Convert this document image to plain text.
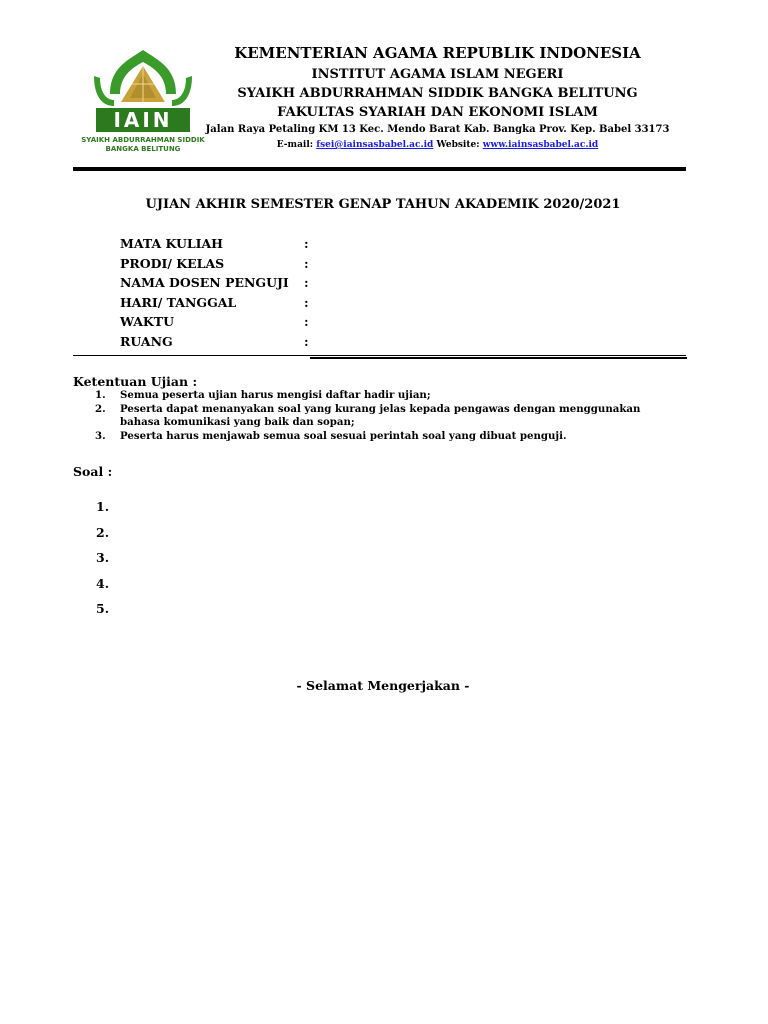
IAIN
SYAIKH ABDURRAHMAN SIDDIK
BANGKA BELITUNG
KEMENTERIAN AGAMA REPUBLIK INDONESIA
INSTITUT AGAMA ISLAM NEGERI
SYAIKH ABDURRAHMAN SIDDIK BANGKA BELITUNG
FAKULTAS SYARIAH DAN EKONOMI ISLAM
Jalan Raya Petaling KM 13 Kec. Mendo Barat Kab. Bangka Prov. Kep. Babel 33173
E-mail: fsei@iainsasbabel.ac.id Website: www.iainsasbabel.ac.id
UJIAN AKHIR SEMESTER GENAP TAHUN AKADEMIK 2020/2021
MATA KULIAH	:
PRODI/ KELAS	:
NAMA DOSEN PENGUJI :
HARI/ TANGGAL	:
WAKTU	:
RUANG	:
Ketentuan Ujian :
1. Semua peserta ujian harus mengisi daftar hadir ujian;
2. Peserta dapat menanyakan soal yang kurang jelas kepada pengawas dengan menggunakan
bahasa komunikasi yang baik dan sopan;
3. Peserta harus menjawab semua soal sesuai perintah soal yang dibuat penguji.
Soal :
1.
2.
3.
4.
5.
- Selamat Mengerjakan -
